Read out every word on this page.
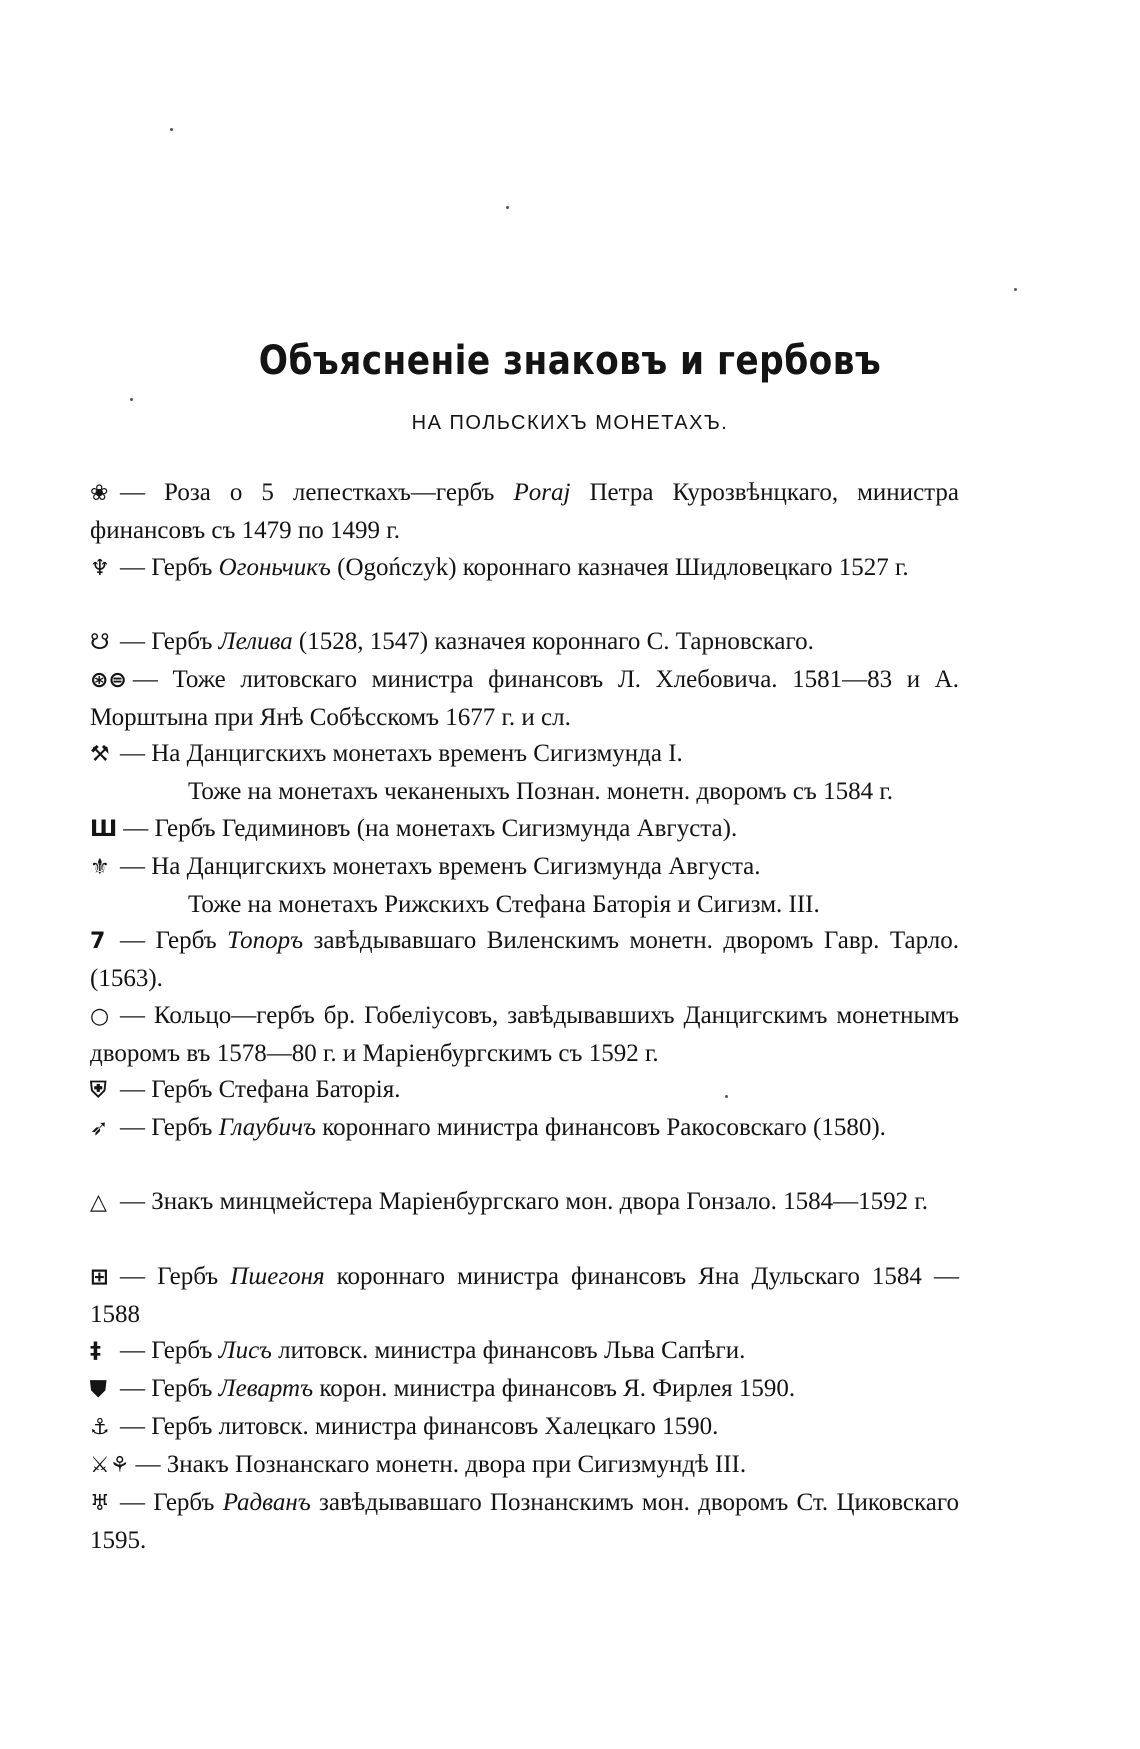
Объясненіе знаковъ и гербовъ
НА ПОЛЬСКИХЪ МОНЕТАХЪ.
❀ — Роза о 5 лепесткахъ—гербъ Poraj Петра Курозвѣнцкаго, министра финансовъ съ 1479 по 1499 г.
♆ — Гербъ Огоньчикъ (Ogończyk) короннаго казначея Шидловецкаго 1527 г.
☋ — Гербъ Лелива (1528, 1547) казначея короннаго С. Тарновскаго.
⊛⊜ — Тоже литовскаго министра финансовъ Л. Хлебовича. 1581—83 и А. Морштына при Янѣ Собѣсскомъ 1677 г. и сл.
⚒ — На Данцигскихъ монетахъ временъ Сигизмунда I.
Тоже на монетахъ чеканеныхъ Познан. монетн. дворомъ съ 1584 г.
Ш — Гербъ Гедиминовъ (на монетахъ Сигизмунда Августа).
⚜ — На Данцигскихъ монетахъ временъ Сигизмунда Августа.
Тоже на монетахъ Рижскихъ Стефана Баторія и Сигизм. III.
7 — Гербъ Топоръ завѣдывавшаго Виленскимъ монетн. дворомъ Гавр. Тарло. (1563).
○ — Кольцо—гербъ бр. Гобеліусовъ, завѣдывавшихъ Данцигскимъ монетнымъ дворомъ въ 1578—80 г. и Маріенбургскимъ съ 1592 г.
⛨ — Гербъ Стефана Баторія.
➶ — Гербъ Глаубичъ короннаго министра финансовъ Ракосовскаго (1580).
△ — Знакъ минцмейстера Маріенбургскаго мон. двора Гонзало. 1584—1592 г.
⊞ — Гербъ Пшегоня короннаго министра финансовъ Яна Дульскаго 1584 — 1588
‡ — Гербъ Лисъ литовск. министра финансовъ Льва Сапѣги.
⛊ — Гербъ Левартъ корон. министра финансовъ Я. Фирлея 1590.
⚓ — Гербъ литовск. министра финансовъ Халецкаго 1590.
⚔⚘ — Знакъ Познанскаго монетн. двора при Сигизмундѣ III.
♅ — Гербъ Радванъ завѣдывавшаго Познанскимъ мон. дворомъ Ст. Циковскаго 1595.
